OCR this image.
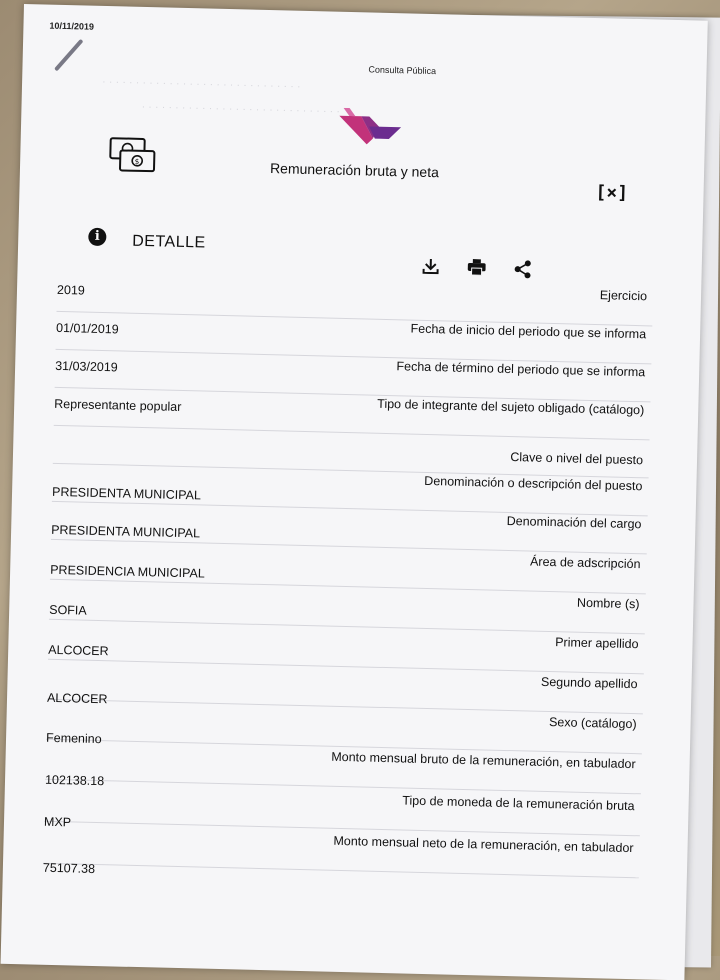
10/11/2019
· · · · · · · · · · · · · · · · · · · · · · · · · · · · · ·
· · · · · · · · · · · · · · · · · · · · · · · · · · · · · ·
Consulta Pública
$	Remuneración bruta y neta
[×]
i	DETALLE
Ejercicio
2019
Fecha de inicio del periodo que se informa
01/01/2019
Fecha de término del periodo que se informa
31/03/2019
Tipo de integrante del sujeto obligado (catálogo)
Representante popular
Clave o nivel del puesto
Denominación o descripción del puesto
PRESIDENTA MUNICIPAL
Denominación del cargo
PRESIDENTA MUNICIPAL
Área de adscripción
PRESIDENCIA MUNICIPAL
Nombre (s)
SOFIA
Primer apellido
ALCOCER
Segundo apellido
ALCOCER
Sexo (catálogo)
Femenino
Monto mensual bruto de la remuneración, en tabulador
102138.18
Tipo de moneda de la remuneración bruta
MXP
Monto mensual neto de la remuneración, en tabulador
75107.38
